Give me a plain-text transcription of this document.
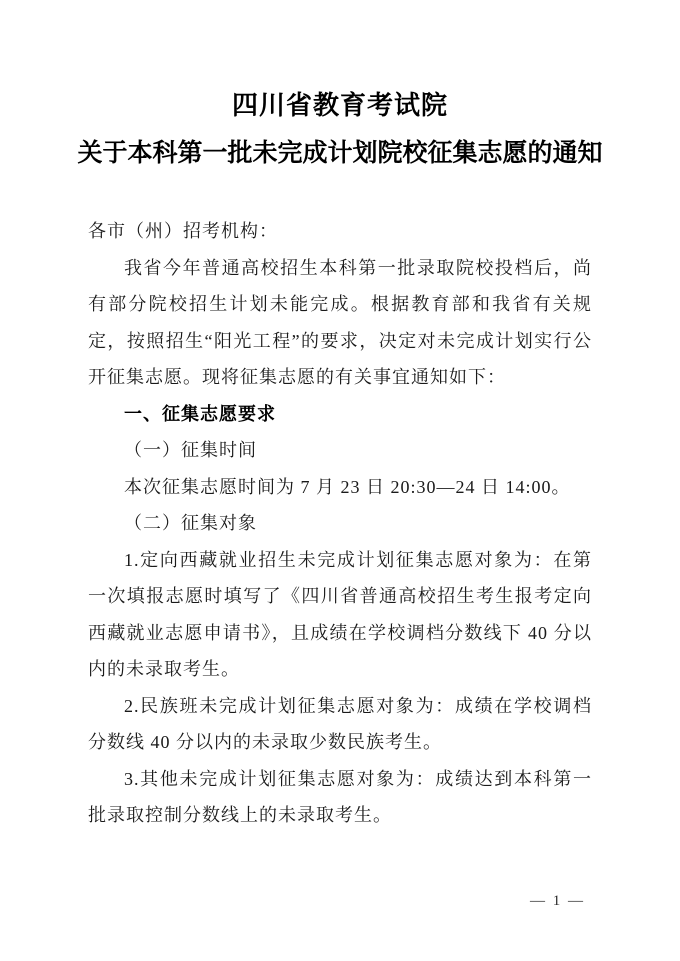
四川省教育考试院
关于本科第一批未完成计划院校征集志愿的通知

各市（州）招考机构：

我省今年普通高校招生本科第一批录取院校投档后，尚有部分院校招生计划未能完成。根据教育部和我省有关规定，按照招生“阳光工程”的要求，决定对未完成计划实行公开征集志愿。现将征集志愿的有关事宜通知如下：

一、征集志愿要求

（一）征集时间

本次征集志愿时间为 7 月 23 日 20:30—24 日 14:00。

（二）征集对象

1.定向西藏就业招生未完成计划征集志愿对象为：在第一次填报志愿时填写了《四川省普通高校招生考生报考定向西藏就业志愿申请书》，且成绩在学校调档分数线下 40 分以内的未录取考生。

2.民族班未完成计划征集志愿对象为：成绩在学校调档分数线 40 分以内的未录取少数民族考生。

3.其他未完成计划征集志愿对象为：成绩达到本科第一批录取控制分数线上的未录取考生。

— 1 —
